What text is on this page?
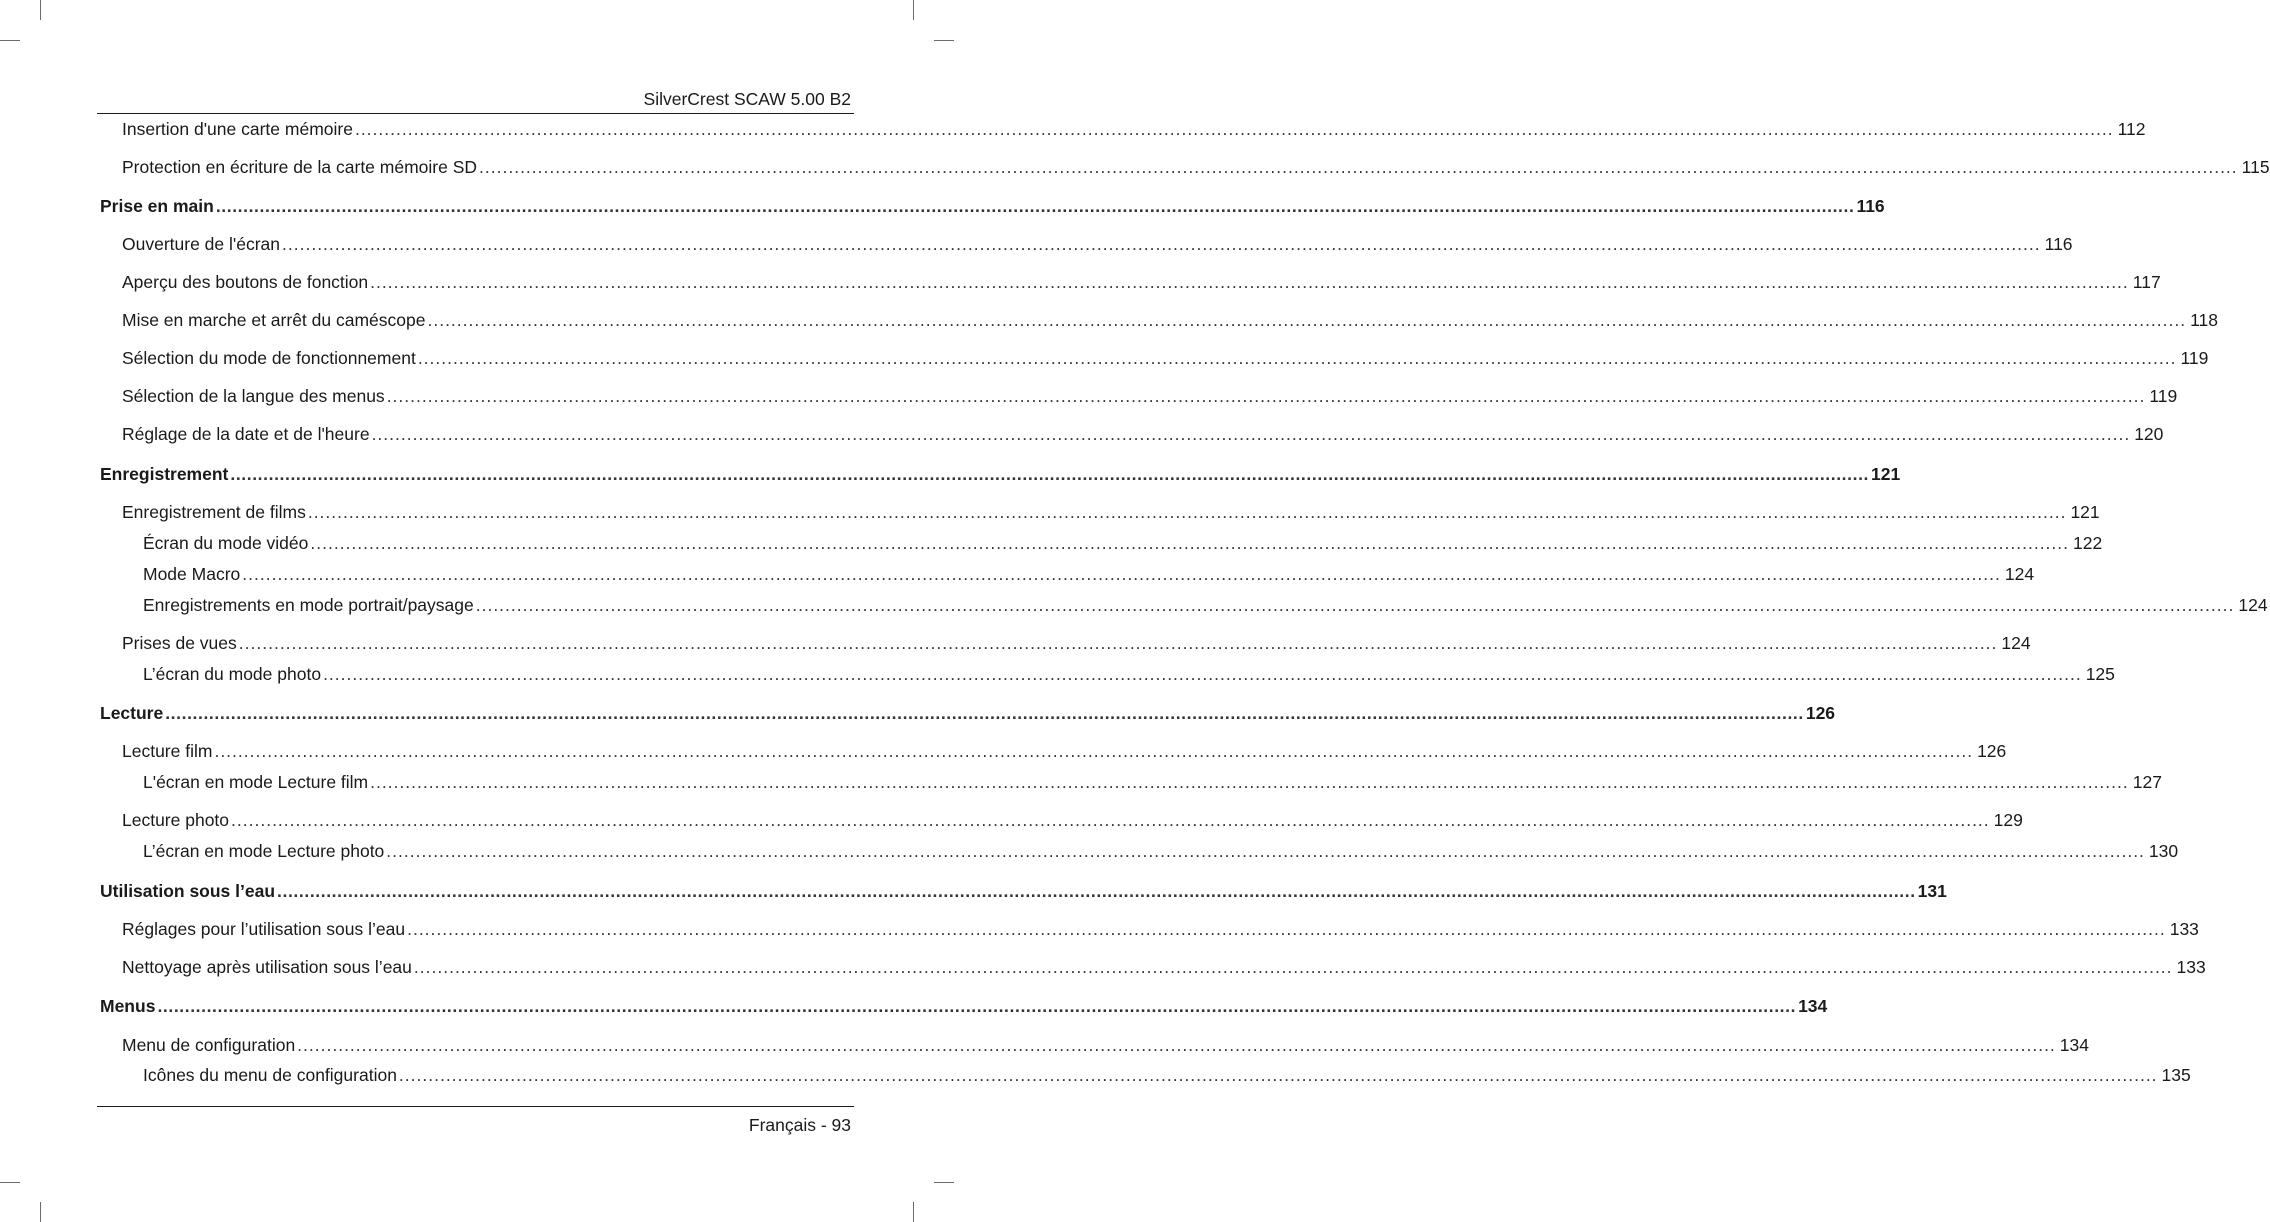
SilverCrest SCAW 5.00 B2
Insertion d'une carte mémoire ............................................................................................................................................................................................................................................................................................................ 112
Protection en écriture de la carte mémoire SD ............................................................................................................................................................................................................................................................................................................ 115
Prise en main ............................................................................................................................................................................................................................................................................................................ 116
Ouverture de l'écran ............................................................................................................................................................................................................................................................................................................ 116
Aperçu des boutons de fonction ............................................................................................................................................................................................................................................................................................................ 117
Mise en marche et arrêt du caméscope ............................................................................................................................................................................................................................................................................................................ 118
Sélection du mode de fonctionnement ............................................................................................................................................................................................................................................................................................................ 119
Sélection de la langue des menus ............................................................................................................................................................................................................................................................................................................ 119
Réglage de la date et de l'heure ............................................................................................................................................................................................................................................................................................................ 120
Enregistrement ............................................................................................................................................................................................................................................................................................................ 121
Enregistrement de films ............................................................................................................................................................................................................................................................................................................ 121
Écran du mode vidéo ............................................................................................................................................................................................................................................................................................................ 122
Mode Macro ............................................................................................................................................................................................................................................................................................................ 124
Enregistrements en mode portrait/paysage ............................................................................................................................................................................................................................................................................................................ 124
Prises de vues ............................................................................................................................................................................................................................................................................................................ 124
L’écran du mode photo ............................................................................................................................................................................................................................................................................................................ 125
Lecture ............................................................................................................................................................................................................................................................................................................ 126
Lecture film ............................................................................................................................................................................................................................................................................................................ 126
L'écran en mode Lecture film ............................................................................................................................................................................................................................................................................................................ 127
Lecture photo ............................................................................................................................................................................................................................................................................................................ 129
L’écran en mode Lecture photo ............................................................................................................................................................................................................................................................................................................ 130
Utilisation sous l’eau ............................................................................................................................................................................................................................................................................................................ 131
Réglages pour l’utilisation sous l’eau ............................................................................................................................................................................................................................................................................................................ 133
Nettoyage après utilisation sous l’eau ............................................................................................................................................................................................................................................................................................................ 133
Menus ............................................................................................................................................................................................................................................................................................................ 134
Menu de configuration ............................................................................................................................................................................................................................................................................................................ 134
Icônes du menu de configuration ............................................................................................................................................................................................................................................................................................................ 135
Français - 93
